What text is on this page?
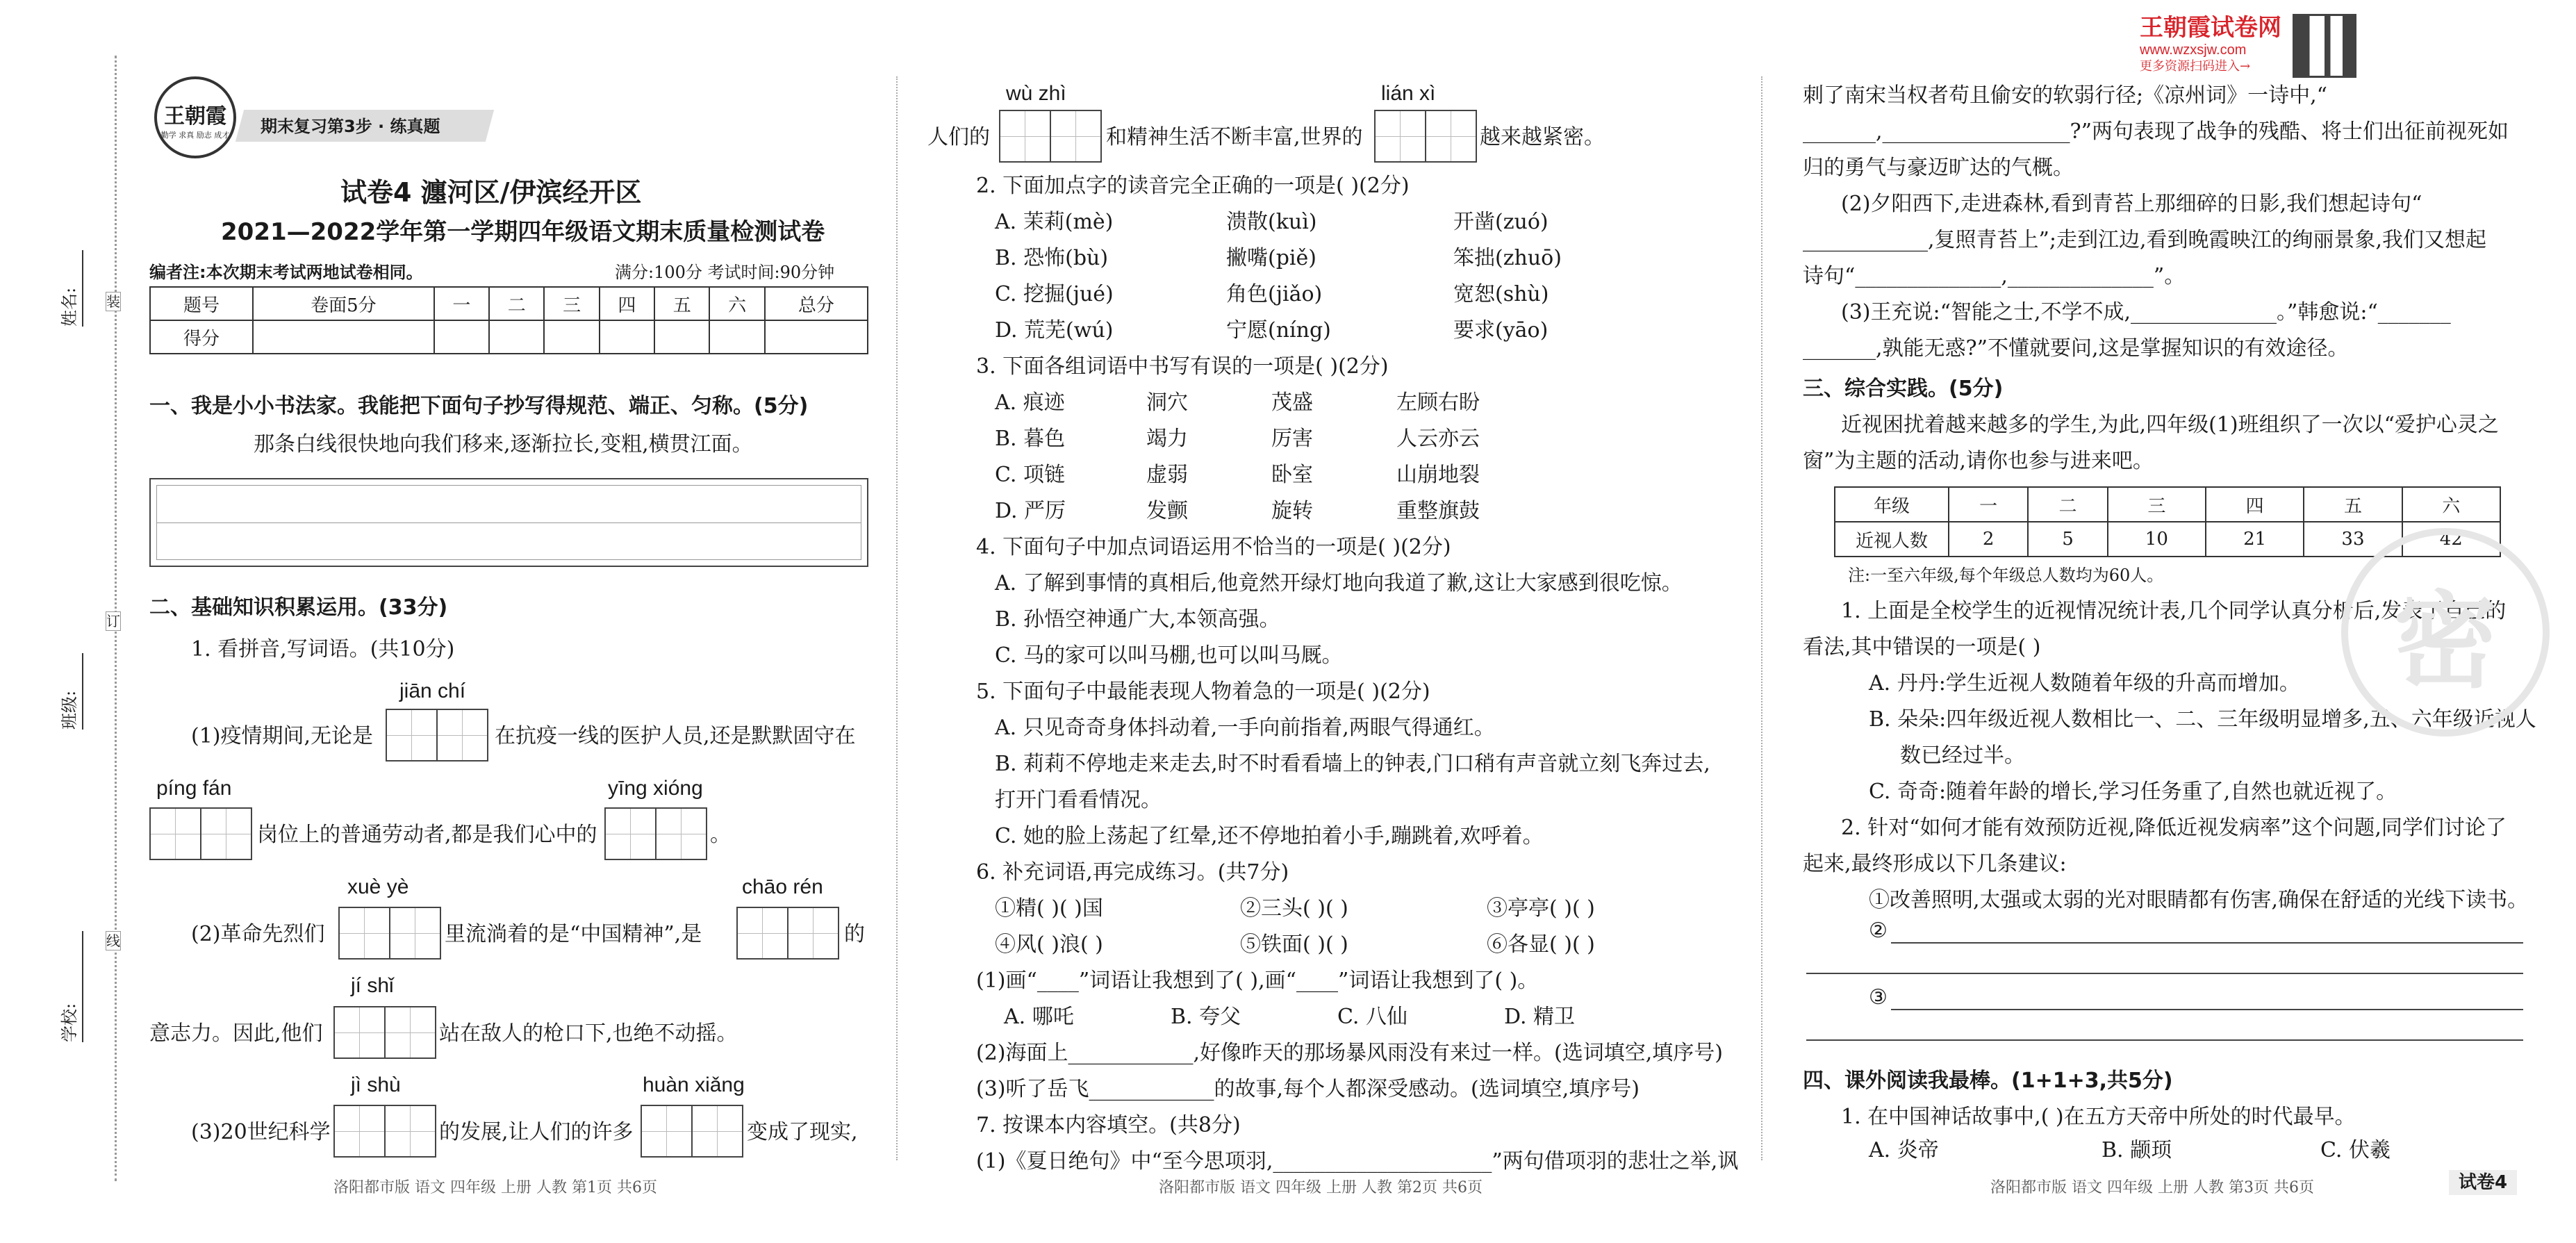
姓名:
班级:
学校:
装
订
线
王朝霞
勤学 求真 励志 成才 期末复习第3步 · 练真题
试卷4 瀍河区/伊滨经开区
2021—2022学年第一学期四年级语文期末质量检测试卷
编者注:本次期末考试两地试卷相同。	满分:100分 考试时间:90分钟
题号	卷面5分	一	二	三	四	五	六	总分
得分								
一、我是小小书法家。我能把下面句子抄写得规范、端正、匀称。(5分)
那条白线很快地向我们移来,逐渐拉长,变粗,横贯江面。
二、基础知识积累运用。(33分)
1. 看拼音,写词语。(共10分)
jiān chí
(1)疫情期间,无论是	在抗疫一线的医护人员,还是默默固守在
píng fán	yīng xióng
岗位上的普通劳动者,都是我们心中的	。
xuè yè	chāo rén
(2)革命先烈们	里流淌着的是“中国精神”,是	的
jí shǐ
意志力。因此,他们	站在敌人的枪口下,也绝不动摇。
jì shù	huàn xiǎng
(3)20世纪科学	的发展,让人们的许多	变成了现实,
洛阳都市版 语文 四年级 上册 人教 第1页 共6页
wù zhì	lián xì
人们的	和精神生活不断丰富,世界的	越来越紧密。
2. 下面加点字的读音完全正确的一项是( )(2分)
A. 茉莉(mè)	溃散(kuì)	开凿(zuó)
B. 恐怖(bù)	撇嘴(piě)	笨拙(zhuō)
C. 挖掘(jué)	角色(jiǎo)	宽恕(shù)
D. 荒芜(wú)	宁愿(níng)	要求(yāo)
3. 下面各组词语中书写有误的一项是( )(2分)
A. 痕迹	洞穴	茂盛	左顾右盼
B. 暮色	竭力	厉害	人云亦云
C. 项链	虚弱	卧室	山崩地裂
D. 严厉	发颤	旋转	重整旗鼓
4. 下面句子中加点词语运用不恰当的一项是( )(2分)
A. 了解到事情的真相后,他竟然开绿灯地向我道了歉,这让大家感到很吃惊。
B. 孙悟空神通广大,本领高强。
C. 马的家可以叫马棚,也可以叫马厩。
5. 下面句子中最能表现人物着急的一项是( )(2分)
A. 只见奇奇身体抖动着,一手向前指着,两眼气得通红。
B. 莉莉不停地走来走去,时不时看看墙上的钟表,门口稍有声音就立刻飞奔过去,
打开门看看情况。
C. 她的脸上荡起了红晕,还不停地拍着小手,蹦跳着,欢呼着。
6. 补充词语,再完成练习。(共7分)
①精( )( )国	②三头( )( )	③亭亭( )( )
④风( )浪( )	⑤铁面( )( )	⑥各显( )( )
(1)画“____”词语让我想到了( ),画“____”词语让我想到了( )。
A. 哪吒	B. 夸父	C. 八仙	D. 精卫
(2)海面上____________,好像昨天的那场暴风雨没有来过一样。(选词填空,填序号)
(3)听了岳飞____________的故事,每个人都深受感动。(选词填空,填序号)
7. 按课本内容填空。(共8分)
(1)《夏日绝句》中“至今思项羽,_____________________”两句借项羽的悲壮之举,讽
洛阳都市版 语文 四年级 上册 人教 第2页 共6页
王朝霞试卷网
www.wzxsjw.com
更多资源扫码进入→
刺了南宋当权者苟且偷安的软弱行径;《凉州词》一诗中,“
_______,__________________?”两句表现了战争的残酷、将士们出征前视死如
归的勇气与豪迈旷达的气概。
(2)夕阳西下,走进森林,看到青苔上那细碎的日影,我们想起诗句“
____________,复照青苔上”;走到江边,看到晚霞映江的绚丽景象,我们又想起
诗句“______________,______________”。
(3)王充说:“智能之士,不学不成,______________。”韩愈说:“_______
_______,孰能无惑?”不懂就要问,这是掌握知识的有效途径。
三、综合实践。(5分)
近视困扰着越来越多的学生,为此,四年级(1)班组织了一次以“爱护心灵之
窗”为主题的活动,请你也参与进来吧。
年级	一	二	三	四	五	六
近视人数	2	5	10	21	33	42
注:一至六年级,每个年级总人数均为60人。
1. 上面是全校学生的近视情况统计表,几个同学认真分析后,发表了自己的
看法,其中错误的一项是( )
A. 丹丹:学生近视人数随着年级的升高而增加。
B. 朵朵:四年级近视人数相比一、二、三年级明显增多,五、六年级近视人
数已经过半。
C. 奇奇:随着年龄的增长,学习任务重了,自然也就近视了。
2. 针对“如何才能有效预防近视,降低近视发病率”这个问题,同学们讨论了
起来,最终形成以下几条建议:
①改善照明,太强或太弱的光对眼睛都有伤害,确保在舒适的光线下读书。
②
③
四、课外阅读我最棒。(1+1+3,共5分)
1. 在中国神话故事中,( )在五方天帝中所处的时代最早。
A. 炎帝	B. 颛顼	C. 伏羲
密
洛阳都市版 语文 四年级 上册 人教 第3页 共6页	试卷4
